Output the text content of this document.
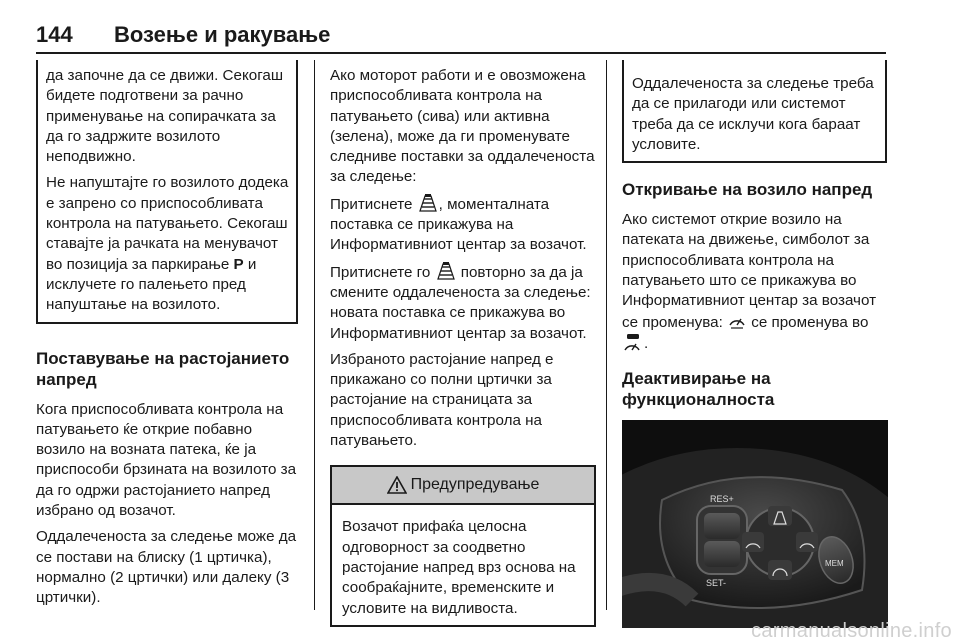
144 Возење и ракување

да започне да се движи. Секогаш бидете подготвени за рачно применување на сопирачката за да го задржите возилото неподвижно.

Не напуштајте го возилото додека е запрено со приспособливата контрола на патувањето. Секогаш ставајте ја рачката на менувачот во позиција за паркирање P и исклучете го палењето пред напуштање на возилото.

Поставување на растојанието напред

Кога приспособливата контрола на патувањето ќе открие побавно возило на возната патека, ќе ја приспособи брзината на возилото за да го одржи растојанието напред избрано од возачот.

Оддалеченоста за следење може да се постави на блиску (1 цртичка), нормално (2 цртички) или далеку (3 цртички).

Ако моторот работи и е овозможена приспособливата контрола на патувањето (сива) или активна (зелена), може да ги променувате следниве поставки за оддалеченоста за следење:

Притиснете , моменталната поставка се прикажува на Информативниот центар за возачот.

Притиснете го  повторно за да ја смените оддалеченоста за следење: новата поставка се прикажува во Информативниот центар за возачот.

Избраното растојание напред е прикажано со полни цртички за растојание на страницата за приспособливата контрола на патувањето.

Предупредување

Возачот прифаќа целосна одговорност за соодветно растојание напред врз основа на сообраќајните, временските и условите на видливоста.

Оддалеченоста за следење треба да се прилагоди или системот треба да се исклучи кога бараат условите.

Откривање на возило напред

Ако системот открие возило на патеката на движење, симболот за приспособливата контрола на патувањето што се прикажува во Информативниот центар за возачот се променува:  се променува во .

Деактивирање на функционалноста
RES+
SET-
MEM
carmanualsonline.info
